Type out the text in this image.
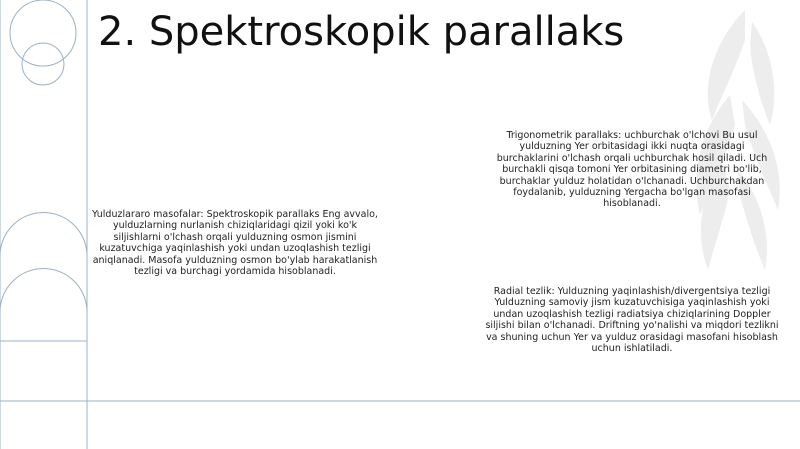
2. Spektroskopik parallaks
Yulduzlararo masofalar: Spektroskopik parallaks Eng avvalo, yulduzlarning nurlanish chiziqlaridagi qizil yoki ko'k siljishlarni o'lchash orqali yulduzning osmon jismini kuzatuvchiga yaqinlashish yoki undan uzoqlashish tezligi aniqlanadi. Masofa yulduzning osmon bo'ylab harakatlanish tezligi va burchagi yordamida hisoblanadi.
Trigonometrik parallaks: uchburchak o'lchovi Bu usul yulduzning Yer orbitasidagi ikki nuqta orasidagi burchaklarini o'lchash orqali uchburchak hosil qiladi. Uch burchakli qisqa tomoni Yer orbitasining diametri bo'lib, burchaklar yulduz holatidan o'lchanadi. Uchburchakdan foydalanib, yulduzning Yergacha bo'lgan masofasi hisoblanadi.
Radial tezlik: Yulduzning yaqinlashish/divergentsiya tezligi Yulduzning samoviy jism kuzatuvchisiga yaqinlashish yoki undan uzoqlashish tezligi radiatsiya chiziqlarining Doppler siljishi bilan o'lchanadi. Driftning yo'nalishi va miqdori tezlikni va shuning uchun Yer va yulduz orasidagi masofani hisoblash uchun ishlatiladi.
